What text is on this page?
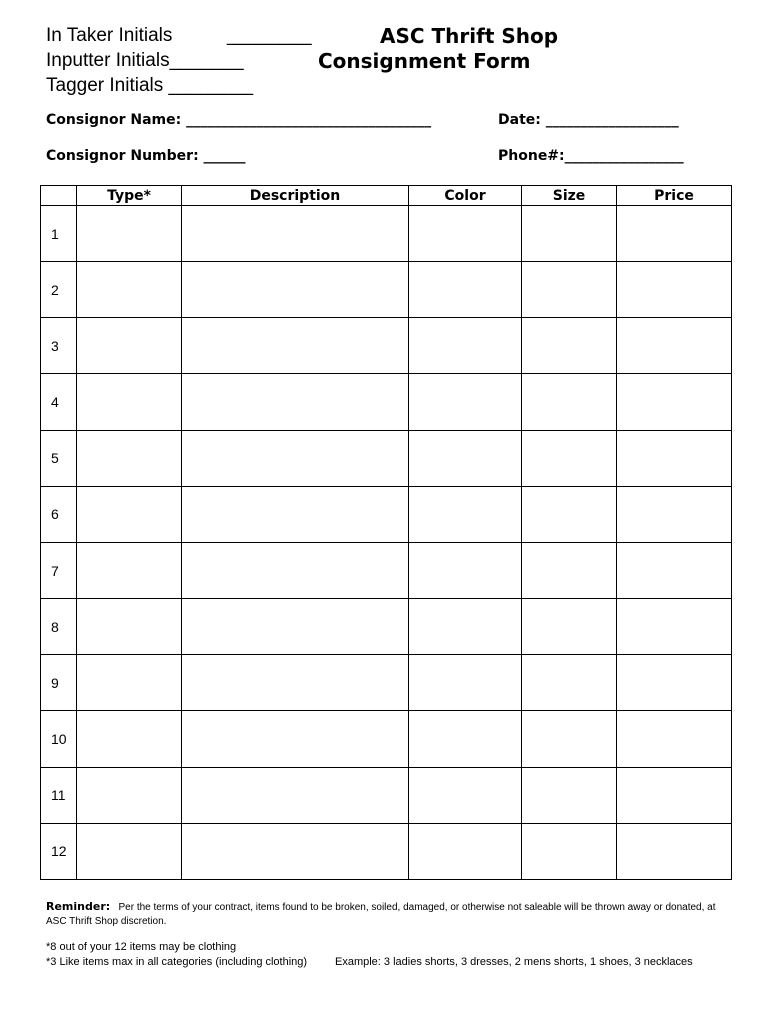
In Taker Initials	________
Inputter Initials_______
Tagger Initials ________
ASC Thrift Shop
Consignment Form
Consignor Name: ___________________________________	Date: ___________________
Consignor Number: ______	Phone#:_________________
	Type*	Description	Color	Size	Price
1					
2					
3					
4					
5					
6					
7					
8					
9					
10					
11					
12					
Reminder: Per the terms of your contract, items found to be broken, soiled, damaged, or otherwise not saleable will be thrown away or donated, at ASC Thrift Shop discretion.
*8 out of your 12 items may be clothing
*3 Like items max in all categories (including clothing)	Example: 3 ladies shorts, 3 dresses, 2 mens shorts, 1 shoes, 3 necklaces
